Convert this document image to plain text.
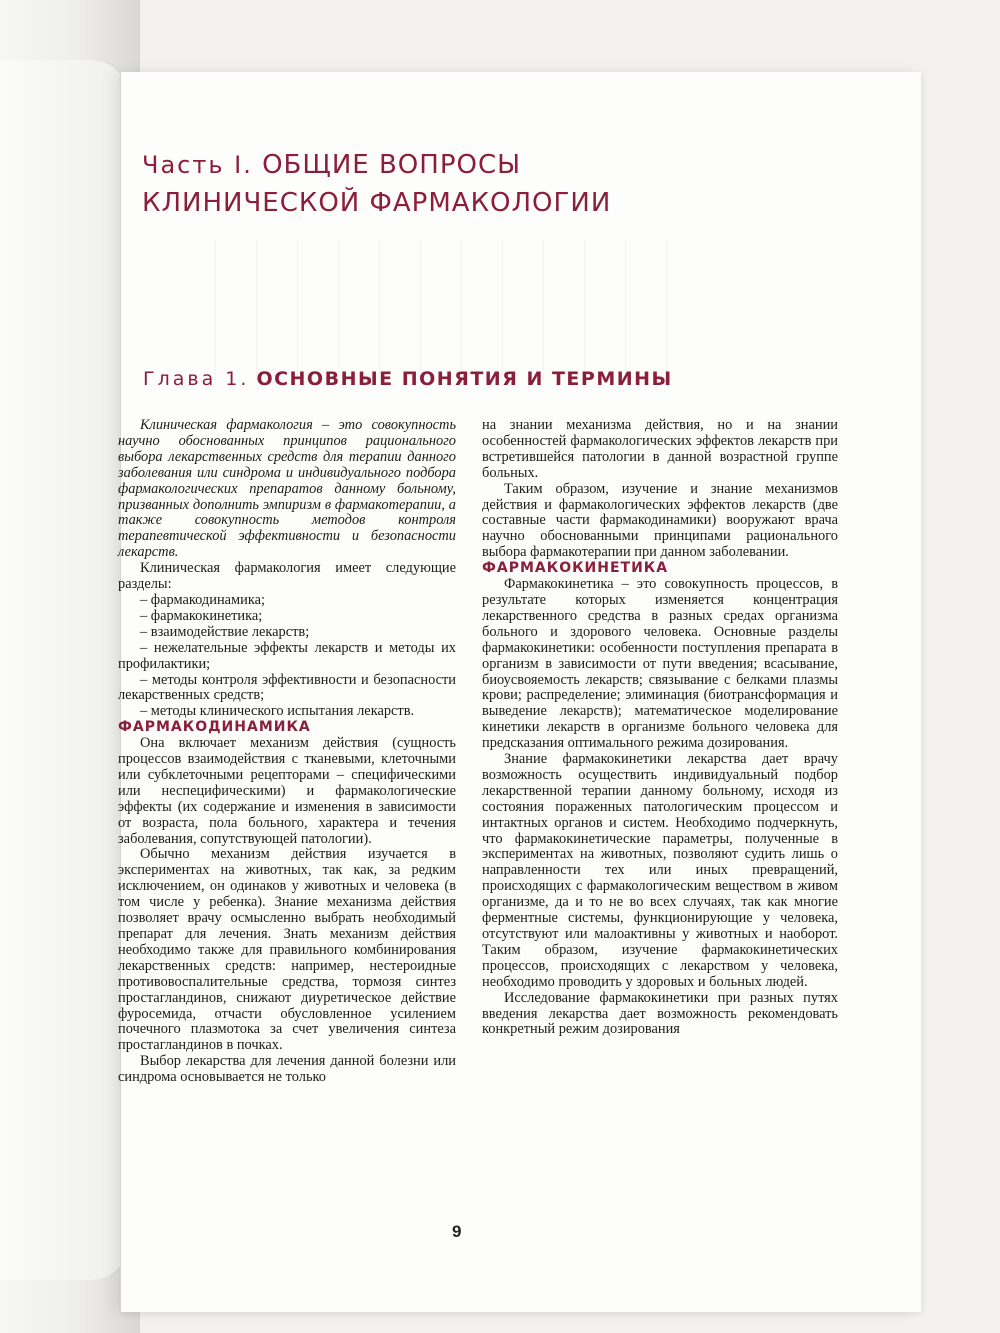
Часть I. ОБЩИЕ ВОПРОСЫ КЛИНИЧЕСКОЙ ФАРМАКОЛОГИИ
Глава 1. ОСНОВНЫЕ ПОНЯТИЯ И ТЕРМИНЫ

Клиническая фармакология – это совокупность научно обоснованных принципов рационального выбора лекарственных средств для терапии данного заболевания или синдрома и индивидуального подбора фармакологических препаратов данному больному, призванных дополнить эмпиризм в фармакотерапии, а также совокупность методов контроля терапевтической эффективности и безопасности лекарств.

Клиническая фармакология имеет следующие разделы:

– фармакодинамика;
– фармакокинетика;
– взаимодействие лекарств;
– нежелательные эффекты лекарств и методы их профилактики;
– методы контроля эффективности и безопасности лекарственных средств;
– методы клинического испытания лекарств.

ФАРМАКОДИНАМИКА

Она включает механизм действия (сущность процессов взаимодействия с тканевыми, клеточными или субклеточными рецепторами – специфическими или неспецифическими) и фармакологические эффекты (их содержание и изменения в зависимости от возраста, пола больного, характера и течения заболевания, сопутствующей патологии).

Обычно механизм действия изучается в экспериментах на животных, так как, за редким исключением, он одинаков у животных и человека (в том числе у ребенка). Знание механизма действия позволяет врачу осмысленно выбрать необходимый препарат для лечения. Знать механизм действия необходимо также для правильного комбинирования лекарственных средств: например, нестероидные противовоспалительные средства, тормозя синтез простагландинов, снижают диуретическое действие фуросемида, отчасти обусловленное усилением почечного плазмотока за счет увеличения синтеза простагландинов в почках.

Выбор лекарства для лечения данной болезни или синдрома основывается не только

на знании механизма действия, но и на знании особенностей фармакологических эффектов лекарств при встретившейся патологии в данной возрастной группе больных.

Таким образом, изучение и знание механизмов действия и фармакологических эффектов лекарств (две составные части фармакодинамики) вооружают врача научно обоснованными принципами рационального выбора фармакотерапии при данном заболевании.

ФАРМАКОКИНЕТИКА

Фармакокинетика – это совокупность процессов, в результате которых изменяется концентрация лекарственного средства в разных средах организма больного и здорового человека. Основные разделы фармакокинетики: особенности поступления препарата в организм в зависимости от пути введения; всасывание, биоусвояемость лекарств; связывание с белками плазмы крови; распределение; элиминация (биотрансформация и выведение лекарств); математическое моделирование кинетики лекарств в организме больного человека для предсказания оптимального режима дозирования.

Знание фармакокинетики лекарства дает врачу возможность осуществить индивидуальный подбор лекарственной терапии данному больному, исходя из состояния пораженных патологическим процессом и интактных органов и систем. Необходимо подчеркнуть, что фармакокинетические параметры, полученные в экспериментах на животных, позволяют судить лишь о направленности тех или иных превращений, происходящих с фармакологическим веществом в живом организме, да и то не во всех случаях, так как многие ферментные системы, функционирующие у человека, отсутствуют или малоактивны у животных и наоборот. Таким образом, изучение фармакокинетических процессов, происходящих с лекарством у человека, необходимо проводить у здоровых и больных людей.

Исследование фармакокинетики при разных путях введения лекарства дает возможность рекомендовать конкретный режим дозирования

9
